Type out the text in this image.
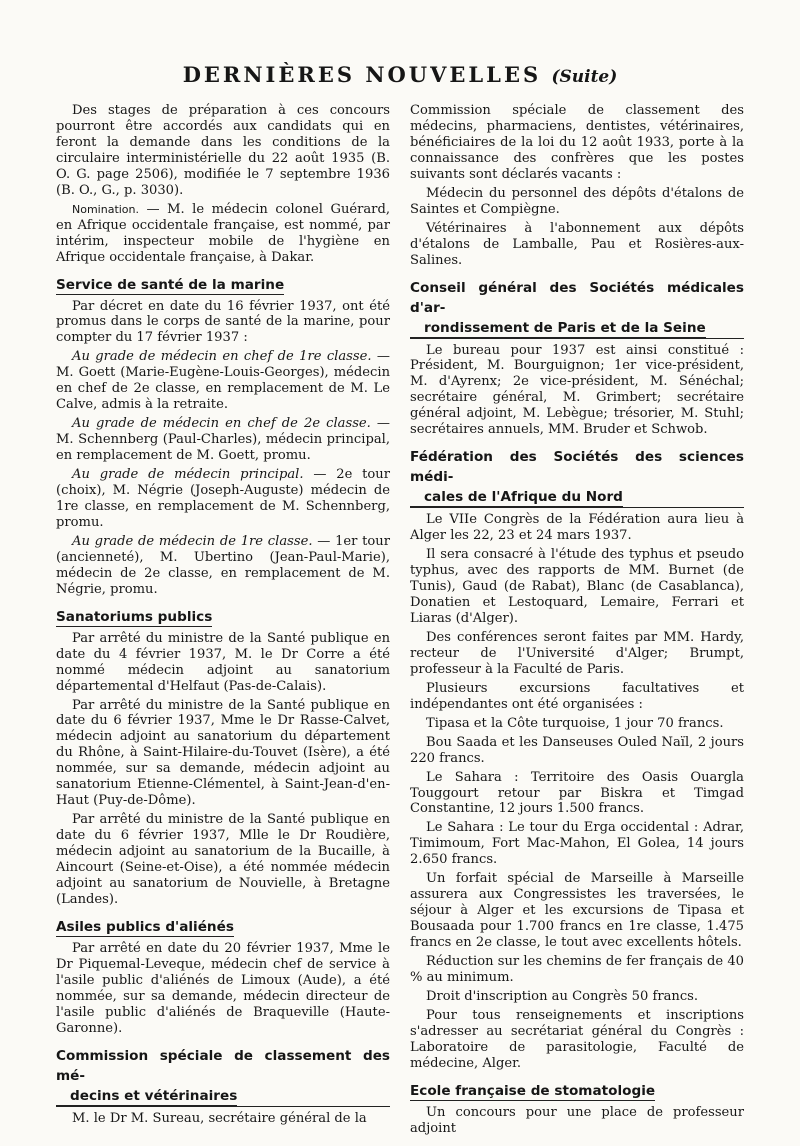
DERNIÈRES NOUVELLES (Suite)

Des stages de préparation à ces concours pourront être accordés aux candidats qui en feront la demande dans les conditions de la circulaire interministérielle du 22 août 1935 (B. O. G. page 2506), modifiée le 7 septembre 1936 (B. O., G., p. 3030).

Nomination. — M. le médecin colonel Guérard, en Afrique occidentale française, est nommé, par intérim, inspecteur mobile de l'hygiène en Afrique occidentale française, à Dakar.

Service de santé de la marine

Par décret en date du 16 février 1937, ont été promus dans le corps de santé de la marine, pour compter du 17 février 1937 :

Au grade de médecin en chef de 1re classe. — M. Goett (Marie-Eugène-Louis-Georges), médecin en chef de 2e classe, en remplacement de M. Le Calve, admis à la retraite.

Au grade de médecin en chef de 2e classe. — M. Schennberg (Paul-Charles), médecin principal, en remplacement de M. Goett, promu.

Au grade de médecin principal. — 2e tour (choix), M. Négrie (Joseph-Auguste) médecin de 1re classe, en remplacement de M. Schennberg, promu.

Au grade de médecin de 1re classe. — 1er tour (ancienneté), M. Ubertino (Jean-Paul-Marie), médecin de 2e classe, en remplacement de M. Négrie, promu.

Sanatoriums publics

Par arrêté du ministre de la Santé publique en date du 4 février 1937, M. le Dr Corre a été nommé médecin adjoint au sanatorium départemental d'Helfaut (Pas-de-Calais).

Par arrêté du ministre de la Santé publique en date du 6 février 1937, Mme le Dr Rasse-Calvet, médecin adjoint au sanatorium du département du Rhône, à Saint-Hilaire-du-Touvet (Isère), a été nommée, sur sa demande, médecin adjoint au sanatorium Etienne-Clémentel, à Saint-Jean-d'en-Haut (Puy-de-Dôme).

Par arrêté du ministre de la Santé publique en date du 6 février 1937, Mlle le Dr Roudière, médecin adjoint au sanatorium de la Bucaille, à Aincourt (Seine-et-Oise), a été nommée médecin adjoint au sanatorium de Nouvielle, à Bretagne (Landes).

Asiles publics d'aliénés

Par arrêté en date du 20 février 1937, Mme le Dr Piquemal-Leveque, médecin chef de service à l'asile public d'aliénés de Limoux (Aude), a été nommée, sur sa demande, médecin directeur de l'asile public d'aliénés de Braqueville (Haute-Garonne).

Commission spéciale de classement des mé-
decins et vétérinaires

M. le Dr M. Sureau, secrétaire général de la

Commission spéciale de classement des médecins, pharmaciens, dentistes, vétérinaires, bénéficiaires de la loi du 12 août 1933, porte à la connaissance des confrères que les postes suivants sont déclarés vacants :

Médecin du personnel des dépôts d'étalons de Saintes et Compiègne.

Vétérinaires à l'abonnement aux dépôts d'étalons de Lamballe, Pau et Rosières-aux-Salines.

Conseil général des Sociétés médicales d'ar-
rondissement de Paris et de la Seine

Le bureau pour 1937 est ainsi constitué : Président, M. Bourguignon; 1er vice-président, M. d'Ayrenx; 2e vice-président, M. Sénéchal; secrétaire général, M. Grimbert; secrétaire général adjoint, M. Lebègue; trésorier, M. Stuhl; secrétaires annuels, MM. Bruder et Schwob.

Fédération des Sociétés des sciences médi-
cales de l'Afrique du Nord

Le VIIe Congrès de la Fédération aura lieu à Alger les 22, 23 et 24 mars 1937.

Il sera consacré à l'étude des typhus et pseudo typhus, avec des rapports de MM. Burnet (de Tunis), Gaud (de Rabat), Blanc (de Casablanca), Donatien et Lestoquard, Lemaire, Ferrari et Liaras (d'Alger).

Des conférences seront faites par MM. Hardy, recteur de l'Université d'Alger; Brumpt, professeur à la Faculté de Paris.

Plusieurs excursions facultatives et indépendantes ont été organisées :

Tipasa et la Côte turquoise, 1 jour 70 francs.

Bou Saada et les Danseuses Ouled Naïl, 2 jours 220 francs.

Le Sahara : Territoire des Oasis Ouargla Touggourt retour par Biskra et Timgad Constantine, 12 jours 1.500 francs.

Le Sahara : Le tour du Erga occidental : Adrar, Timimoum, Fort Mac-Mahon, El Golea, 14 jours 2.650 francs.

Un forfait spécial de Marseille à Marseille assurera aux Congressistes les traversées, le séjour à Alger et les excursions de Tipasa et Bousaada pour 1.700 francs en 1re classe, 1.475 francs en 2e classe, le tout avec excellents hôtels.

Réduction sur les chemins de fer français de 40 % au minimum.

Droit d'inscription au Congrès 50 francs.

Pour tous renseignements et inscriptions s'adresser au secrétariat général du Congrès : Laboratoire de parasitologie, Faculté de médecine, Alger.

Ecole française de stomatologie

Un concours pour une place de professeur adjoint
